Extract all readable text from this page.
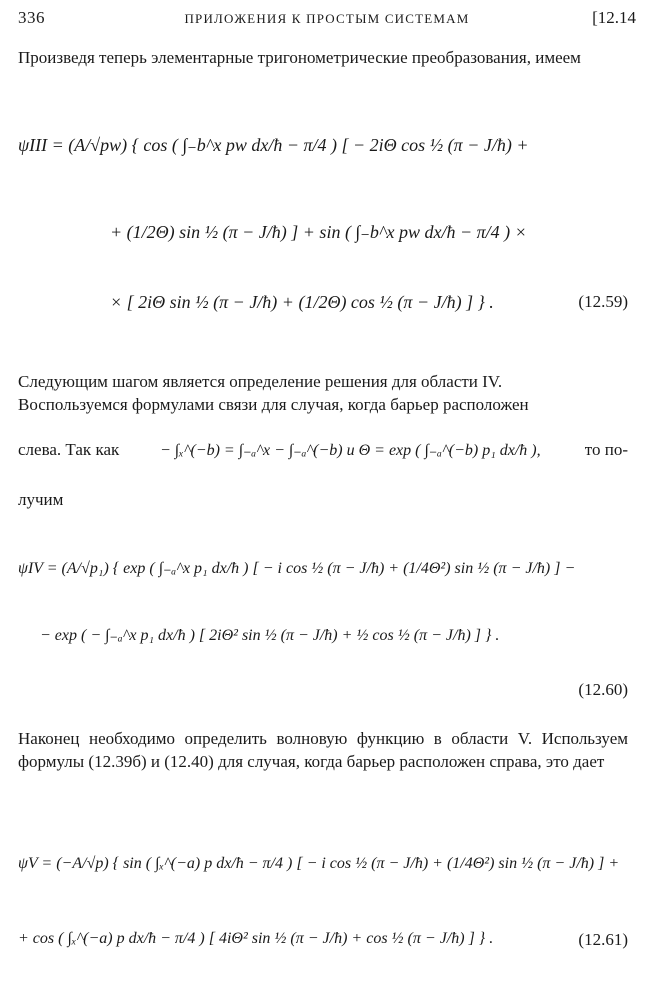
336	ПРИЛОЖЕНИЯ К ПРОСТЫМ СИСТЕМАМ	[12.14
Произведя теперь элементарные тригонометрические преобразования, имеем
ψIII = (A/√pw) { cos ( ∫₋b^x pw dx/ħ − π/4 ) [ − 2iΘ cos ½ (π − J/ħ) +
+ (1/2Θ) sin ½ (π − J/ħ) ] + sin ( ∫₋b^x pw dx/ħ − π/4 ) ×
× [ 2iΘ sin ½ (π − J/ħ) + (1/2Θ) cos ½ (π − J/ħ) ] } .	(12.59)
Следующим шагом является определение решения для области IV.
Воспользуемся формулами связи для случая, когда барьер расположен
слева. Так как	− ∫ₓ^(−b) = ∫₋ₐ^x − ∫₋ₐ^(−b) и Θ = exp ( ∫₋ₐ^(−b) p₁ dx/ħ ),	то по-
лучим
ψIV = (A/√p₁) { exp ( ∫₋ₐ^x p₁ dx/ħ ) [ − i cos ½ (π − J/ħ) + (1/4Θ²) sin ½ (π − J/ħ) ] −
− exp ( − ∫₋ₐ^x p₁ dx/ħ ) [ 2iΘ² sin ½ (π − J/ħ) + ½ cos ½ (π − J/ħ) ] } .
(12.60)
Наконец необходимо определить волновую функцию в области V. Используем формулы (12.39б) и (12.40) для случая, когда барьер расположен справа, это дает
ψV = (−A/√p) { sin ( ∫ₓ^(−a) p dx/ħ − π/4 ) [ − i cos ½ (π − J/ħ) + (1/4Θ²) sin ½ (π − J/ħ) ] +
+ cos ( ∫ₓ^(−a) p dx/ħ − π/4 ) [ 4iΘ² sin ½ (π − J/ħ) + cos ½ (π − J/ħ) ] } .	(12.61)
